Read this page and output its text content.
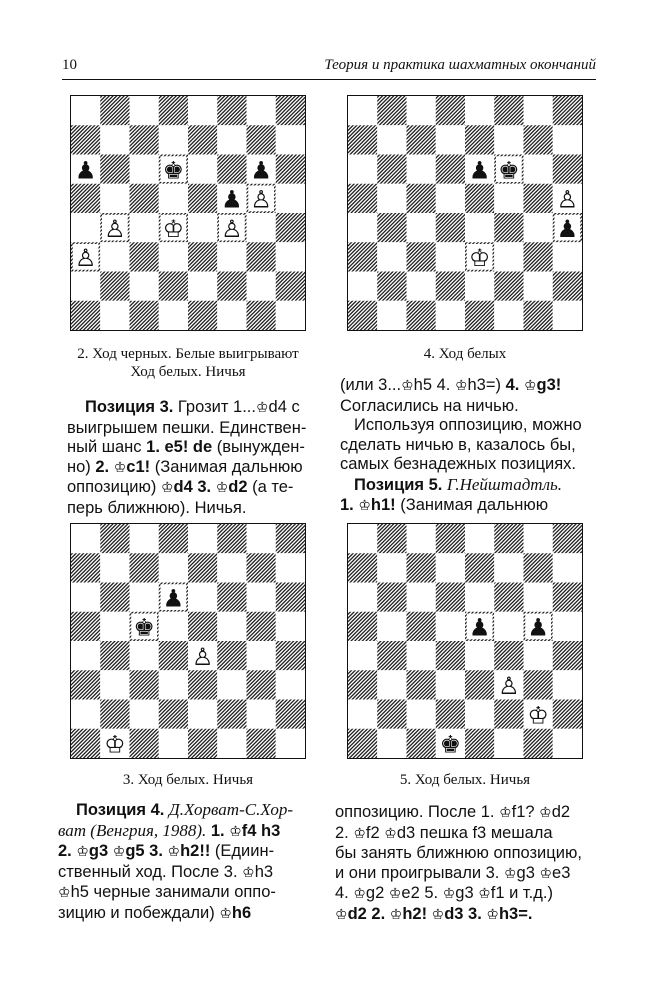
10	Теория и практика шахматных окончаний
2. Ход черных. Белые выигрывают
Ход белых. Ничья
4. Ход белых
3. Ход белых. Ничья	5. Ход белых. Ничья

Позиция 3. Грозит 1...♔d4 с

выигрышем пешки. Единствен-

ный шанс 1. e5! de (вынужден-

но) 2. ♔c1! (Занимая дальнюю

оппозицию) ♔d4 3. ♔d2 (а те-

перь ближнюю). Ничья.

(или 3...♔h5 4. ♔h3=) 4. ♔g3!

Согласились на ничью.

Используя оппозицию, можно

сделать ничью в, казалось бы,

самых безнадежных позициях.

Позиция 5. Г.Нейштадтль.

1. ♔h1! (Занимая дальнюю

Позиция 4. Д.Хорват-С.Хор-

ват (Венгрия, 1988). 1. ♔f4 h3

2. ♔g3 ♔g5 3. ♔h2!! (Едиин-

ственный ход. После 3. ♔h3

♔h5 черные занимали оппо-

зицию и побеждали) ♔h6

оппозицию. После 1. ♔f1? ♔d2

2. ♔f2 ♔d3 пешка f3 мешала

бы занять ближнюю оппозицию,

и они проигрывали 3. ♔g3 ♔e3

4. ♔g2 ♔e2 5. ♔g3 ♔f1 и т.д.)

♔d2 2. ♔h2! ♔d3 3. ♔h3=.
